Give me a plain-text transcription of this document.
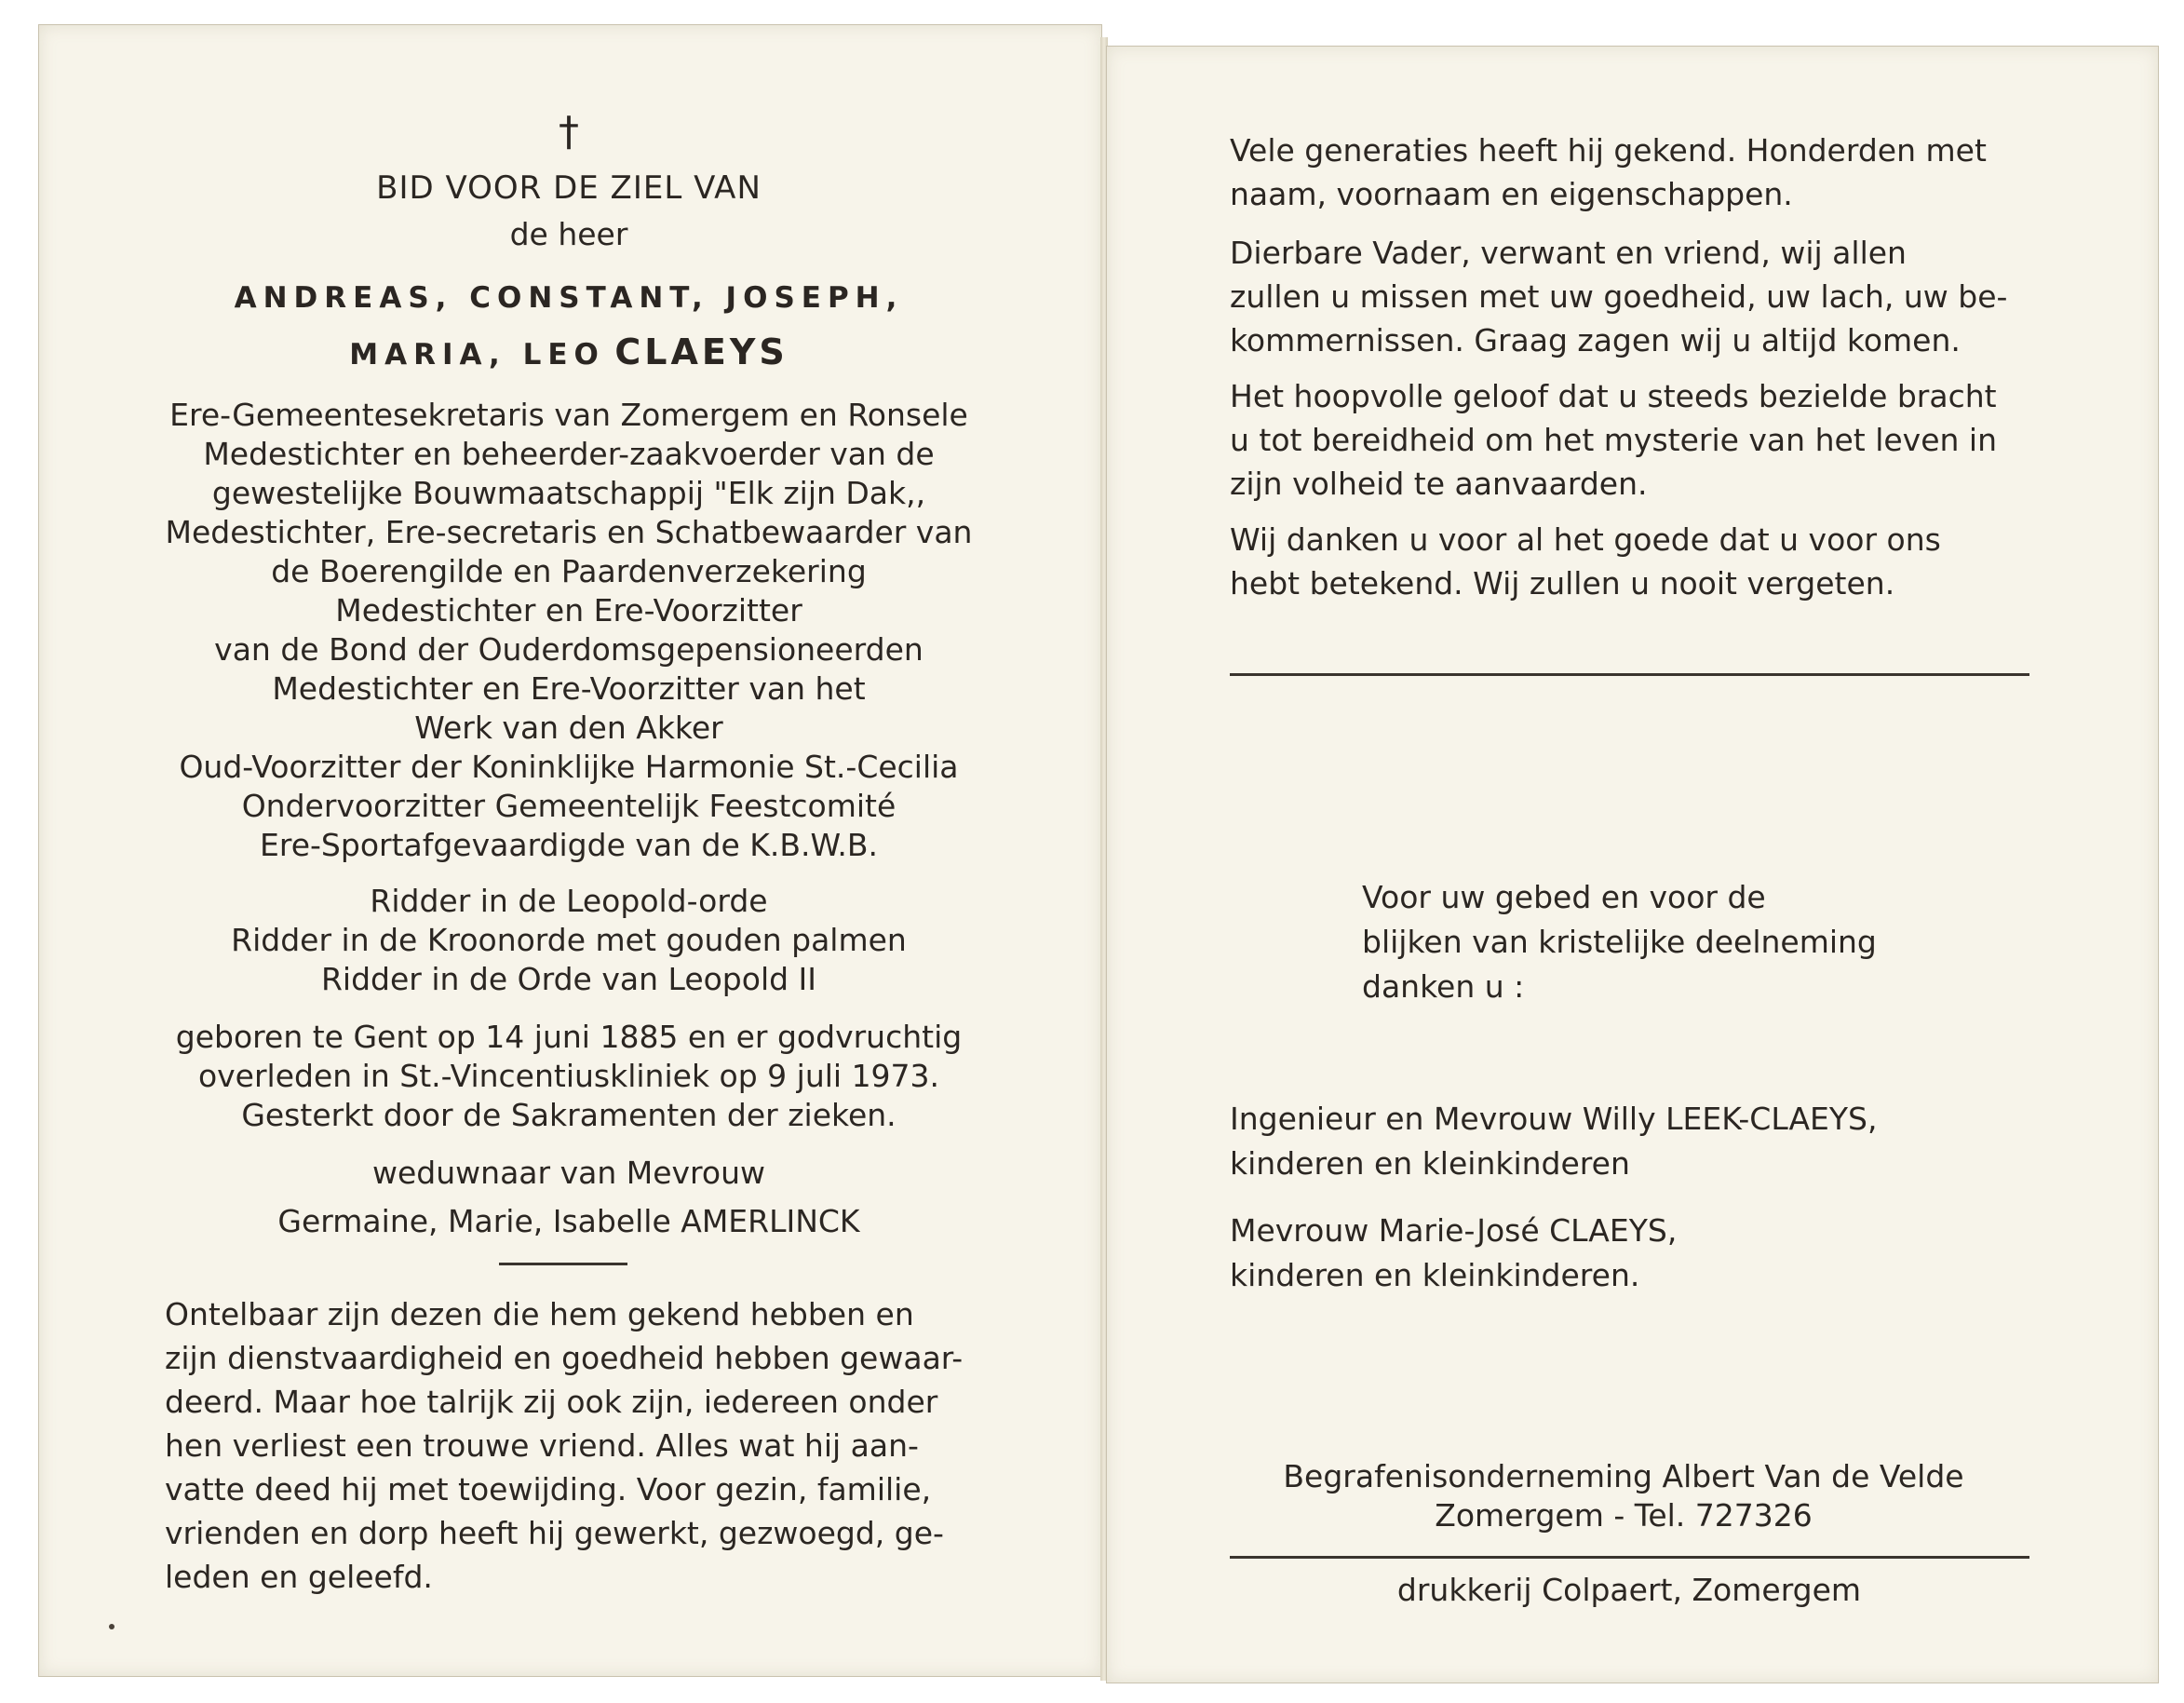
†
BID VOOR DE ZIEL VAN
de heer
ANDREAS, CONSTANT, JOSEPH,
MARIA, LEO CLAEYS
Ere-Gemeentesekretaris van Zomergem en Ronsele
Medestichter en beheerder-zaakvoerder van de
gewestelijke Bouwmaatschappij "Elk zijn Dak,,
Medestichter, Ere-secretaris en Schatbewaarder van
de Boerengilde en Paardenverzekering
Medestichter en Ere-Voorzitter
van de Bond der Ouderdomsgepensioneerden
Medestichter en Ere-Voorzitter van het
Werk van den Akker
Oud-Voorzitter der Koninklijke Harmonie St.-Cecilia
Ondervoorzitter Gemeentelijk Feestcomité
Ere-Sportafgevaardigde van de K.B.W.B.
Ridder in de Leopold-orde
Ridder in de Kroonorde met gouden palmen
Ridder in de Orde van Leopold II
geboren te Gent op 14 juni 1885 en er godvruchtig
overleden in St.-Vincentiuskliniek op 9 juli 1973.
Gesterkt door de Sakramenten der zieken.
weduwnaar van Mevrouw
Germaine, Marie, Isabelle AMERLINCK
Ontelbaar zijn dezen die hem gekend hebben en
zijn dienstvaardigheid en goedheid hebben gewaar-
deerd. Maar hoe talrijk zij ook zijn, iedereen onder
hen verliest een trouwe vriend. Alles wat hij aan-
vatte deed hij met toewijding. Voor gezin, familie,
vrienden en dorp heeft hij gewerkt, gezwoegd, ge-
leden en geleefd.
Vele generaties heeft hij gekend. Honderden met
naam, voornaam en eigenschappen.
Dierbare Vader, verwant en vriend, wij allen
zullen u missen met uw goedheid, uw lach, uw be-
kommernissen. Graag zagen wij u altijd komen.
Het hoopvolle geloof dat u steeds bezielde bracht
u tot bereidheid om het mysterie van het leven in
zijn volheid te aanvaarden.
Wij danken u voor al het goede dat u voor ons
hebt betekend. Wij zullen u nooit vergeten.
Voor uw gebed en voor de
blijken van kristelijke deelneming
danken u :
Ingenieur en Mevrouw Willy LEEK-CLAEYS,
kinderen en kleinkinderen
Mevrouw Marie-José CLAEYS,
kinderen en kleinkinderen.
Begrafenisonderneming Albert Van de Velde
Zomergem - Tel. 727326
drukkerij Colpaert, Zomergem
